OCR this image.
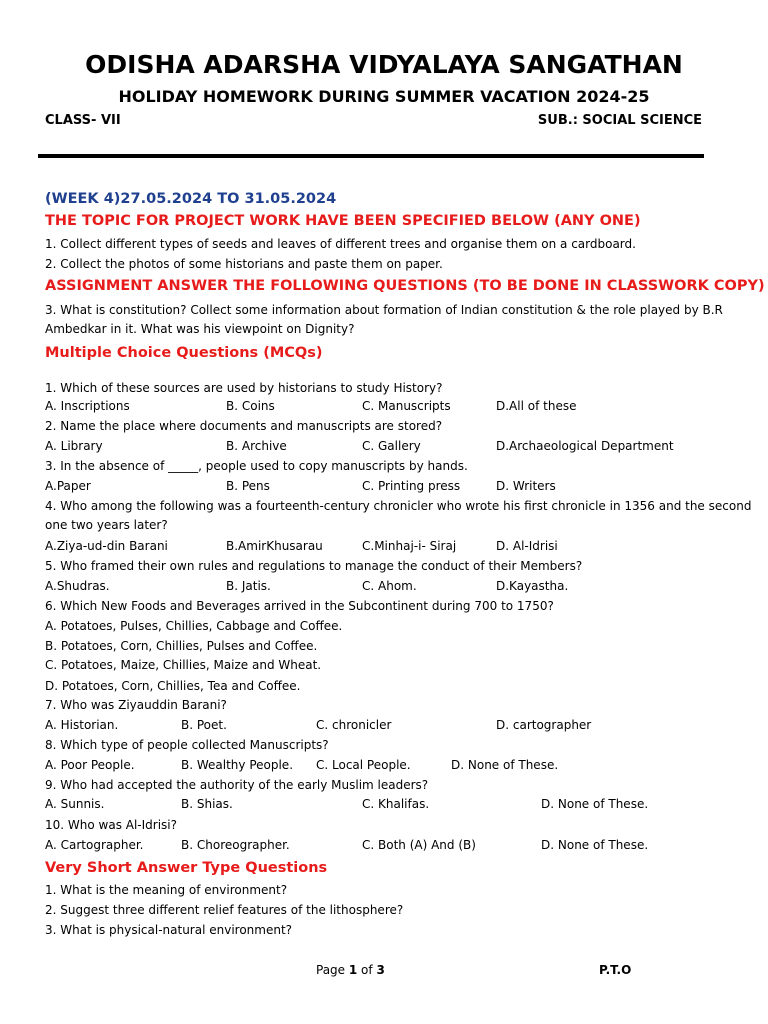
ODISHA ADARSHA VIDYALAYA SANGATHAN
HOLIDAY HOMEWORK DURING SUMMER VACATION 2024-25
CLASS- VII	SUB.: SOCIAL SCIENCE
(WEEK 4)27.05.2024 TO 31.05.2024
THE TOPIC FOR PROJECT WORK HAVE BEEN SPECIFIED BELOW (ANY ONE)
1. Collect different types of seeds and leaves of different trees and organise them on a cardboard.
2. Collect the photos of some historians and paste them on paper.
ASSIGNMENT ANSWER THE FOLLOWING QUESTIONS (TO BE DONE IN CLASSWORK COPY)
3. What is constitution? Collect some information about formation of Indian constitution & the role played by B.R
Ambedkar in it. What was his viewpoint on Dignity?
Multiple Choice Questions (MCQs)
1. Which of these sources are used by historians to study History?
A. Inscriptions	B. Coins	C. Manuscripts	D.All of these
2. Name the place where documents and manuscripts are stored?
A. Library	B. Archive	C. Gallery	D.Archaeological Department
3. In the absence of _____, people used to copy manuscripts by hands.
A.Paper	B. Pens	C. Printing press	D. Writers
4. Who among the following was a fourteenth-century chronicler who wrote his first chronicle in 1356 and the second
one two years later?
A.Ziya-ud-din Barani	B.AmirKhusarau	C.Minhaj-i- Siraj	D. Al-Idrisi
5. Who framed their own rules and regulations to manage the conduct of their Members?
A.Shudras.	B. Jatis.	C. Ahom.	D.Kayastha.
6. Which New Foods and Beverages arrived in the Subcontinent during 700 to 1750?
A. Potatoes, Pulses, Chillies, Cabbage and Coffee.
B. Potatoes, Corn, Chillies, Pulses and Coffee.
C. Potatoes, Maize, Chillies, Maize and Wheat.
D. Potatoes, Corn, Chillies, Tea and Coffee.
7. Who was Ziyauddin Barani?
A. Historian.	B. Poet.	C. chronicler	D. cartographer
8. Which type of people collected Manuscripts?
A. Poor People.	B. Wealthy People. C. Local People.	D. None of These.
9. Who had accepted the authority of the early Muslim leaders?
A. Sunnis.	B. Shias.	C. Khalifas.	D. None of These.
10. Who was Al-Idrisi?
A. Cartographer.	B. Choreographer.	C. Both (A) And (B)	D. None of These.
Very Short Answer Type Questions
1. What is the meaning of environment?
2. Suggest three different relief features of the lithosphere?
3. What is physical-natural environment?
Page 1 of 3	P.T.O
